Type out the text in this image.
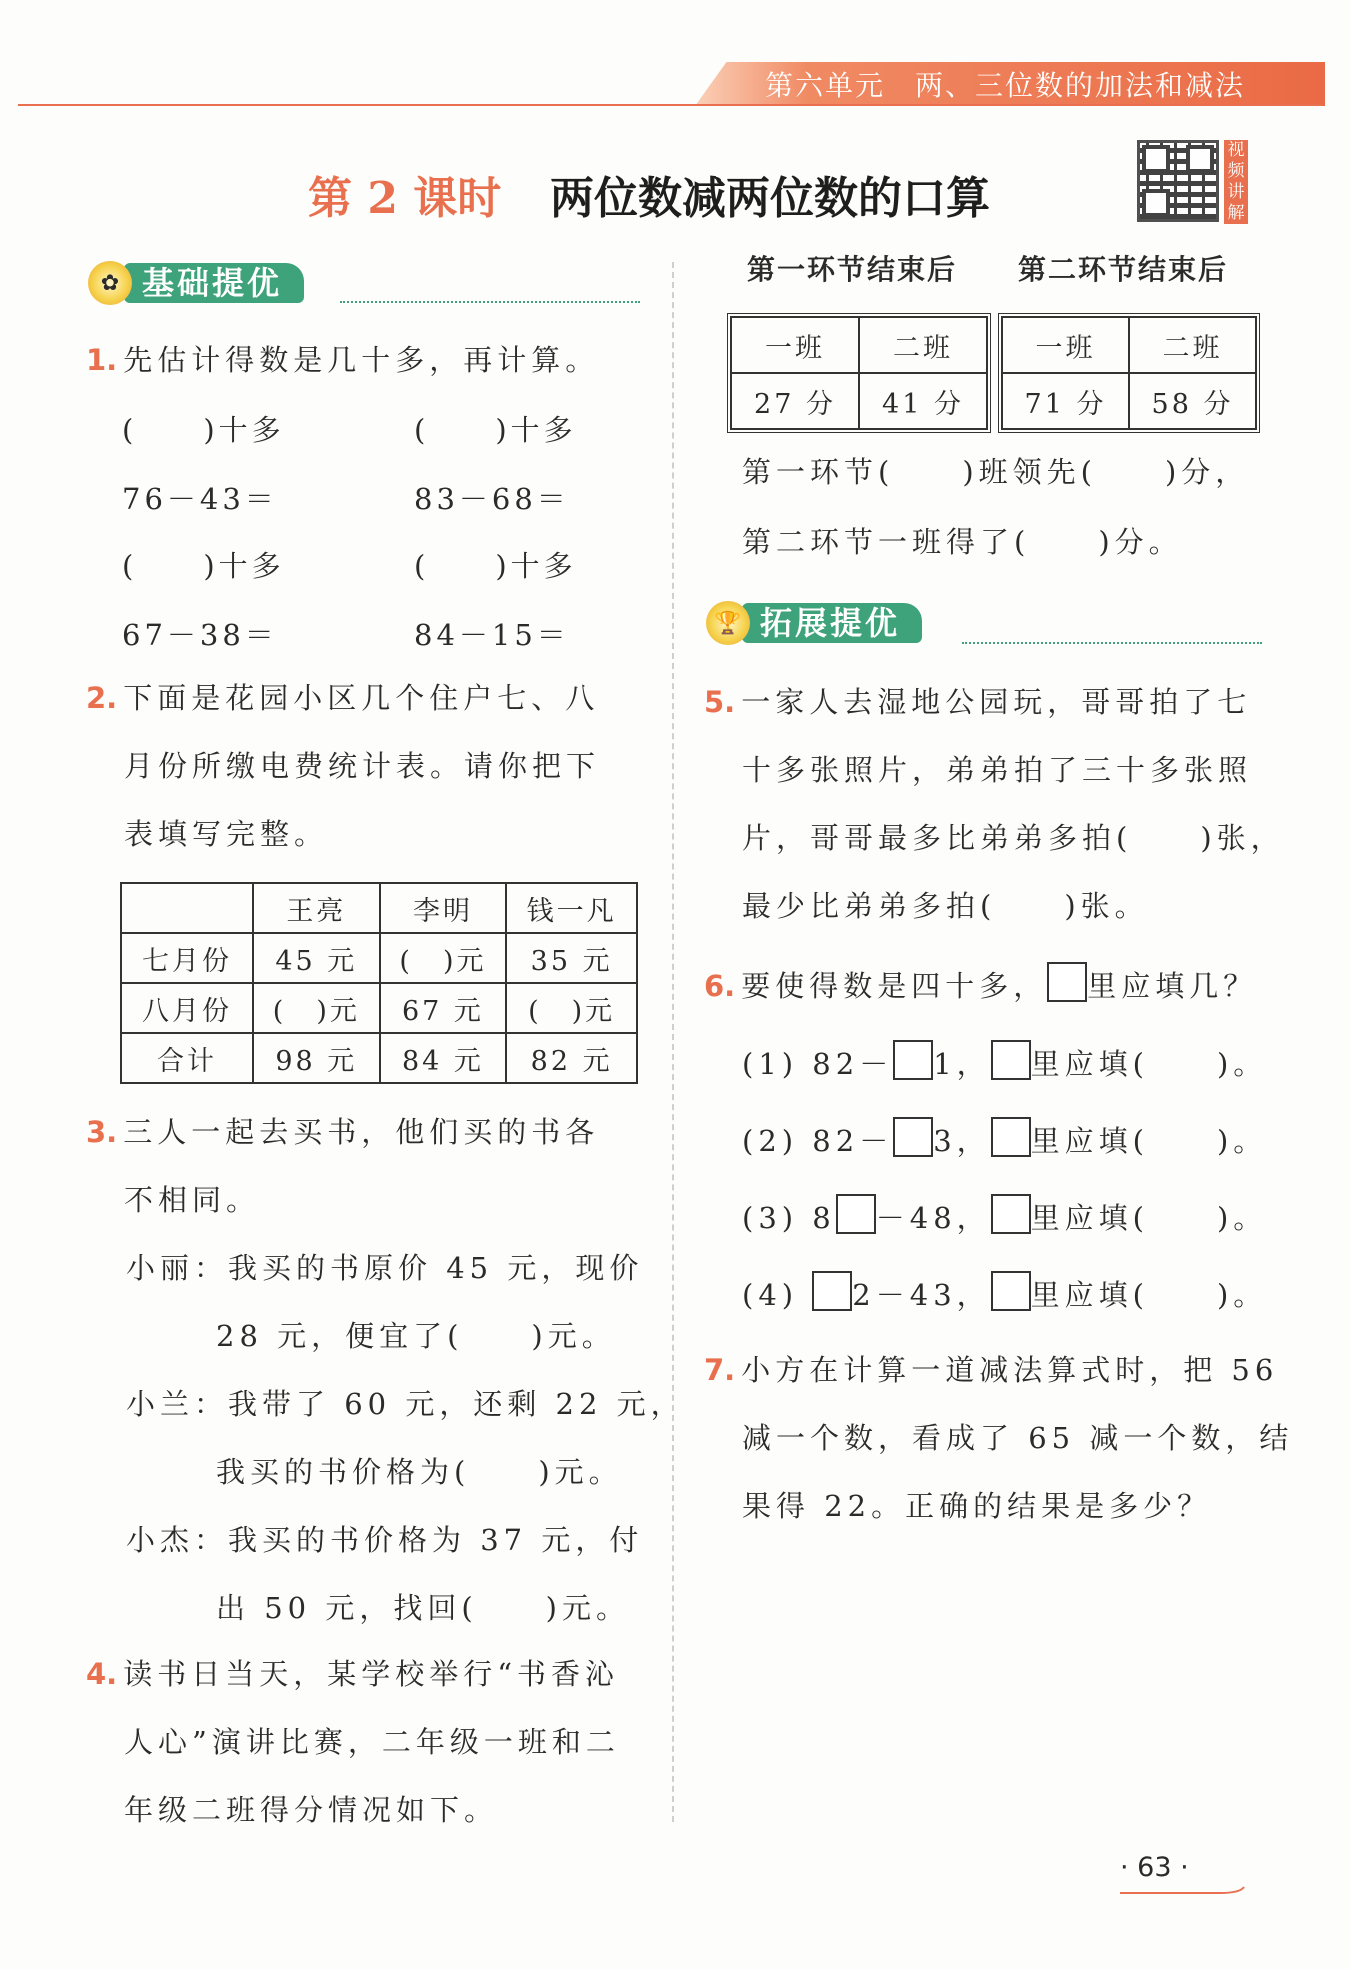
第六单元　两、三位数的加法和减法
第 2 课时 两位数减两位数的口算
视频讲解
✿ 基础提优
1. 先估计得数是几十多，再计算。
(　　)十多	(　　)十多
76－43＝	83－68＝
(　　)十多	(　　)十多
67－38＝	84－15＝
2. 下面是花园小区几个住户七、八
月份所缴电费统计表。请你把下
表填写完整。
	王亮	李明	钱一凡
七月份	45 元	(　)元	35 元
八月份	(　)元	67 元	(　)元
合计	98 元	84 元	82 元
3. 三人一起去买书，他们买的书各
不相同。
小丽：我买的书原价 45 元，现价
28 元，便宜了(　　)元。
小兰：我带了 60 元，还剩 22 元，
我买的书价格为(　　)元。
小杰：我买的书价格为 37 元，付
出 50 元，找回(　　)元。
4. 读书日当天，某学校举行“书香沁
人心”演讲比赛，二年级一班和二
年级二班得分情况如下。
第一环节结束后 第二环节结束后
一班	二班
27 分	41 分
一班	二班
71 分	58 分
第一环节(　　)班领先(　　)分，
第二环节一班得了(　　)分。
🏆 拓展提优
5. 一家人去湿地公园玩，哥哥拍了七
十多张照片，弟弟拍了三十多张照
片，哥哥最多比弟弟多拍(　　)张，
最少比弟弟多拍(　　)张。
6. 要使得数是四十多， 里应填几？
(1) 82－ 1， 里应填(　　)。
(2) 82－ 3， 里应填(　　)。
(3) 8 －48， 里应填(　　)。
(4) 2－43， 里应填(　　)。
7. 小方在计算一道减法算式时，把 56
减一个数，看成了 65 减一个数，结
果得 22。正确的结果是多少？
· 63 ·
